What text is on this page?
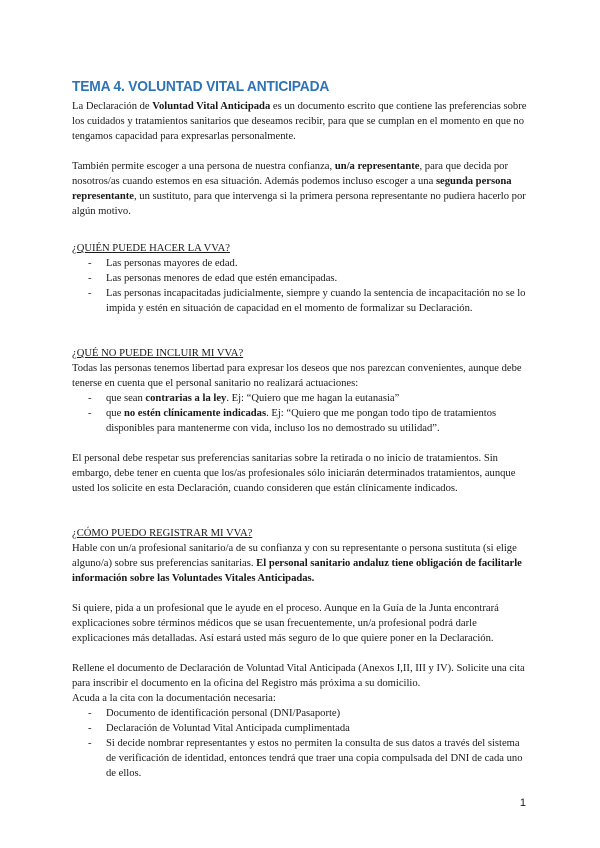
TEMA 4. VOLUNTAD VITAL ANTICIPADA

La Declaración de Voluntad Vital Anticipada es un documento escrito que contiene las preferencias sobre los cuidados y tratamientos sanitarios que deseamos recibir, para que se cumplan en el momento en que no tengamos capacidad para expresarlas personalmente.

También permite escoger a una persona de nuestra confianza, un/a representante, para que decida por nosotros/as cuando estemos en esa situación. Además podemos incluso escoger a una segunda persona representante, un sustituto, para que intervenga si la primera persona representante no pudiera hacerlo por algún motivo.

¿QUIÉN PUEDE HACER LA VVA?

- Las personas mayores de edad.
- Las personas menores de edad que estén emancipadas.
- Las personas incapacitadas judicialmente, siempre y cuando la sentencia de incapacitación no se lo impida y estén en situación de capacidad en el momento de formalizar su Declaración.

¿QUÉ NO PUEDE INCLUIR MI VVA?

Todas las personas tenemos libertad para expresar los deseos que nos parezcan convenientes, aunque debe tenerse en cuenta que el personal sanitario no realizará actuaciones:

- que sean contrarias a la ley. Ej: “Quiero que me hagan la eutanasia”
- que no estén clínicamente indicadas. Ej: “Quiero que me pongan todo tipo de tratamientos disponibles para mantenerme con vida, incluso los no demostrado su utilidad”.

El personal debe respetar sus preferencias sanitarias sobre la retirada o no inicio de tratamientos. Sin embargo, debe tener en cuenta que los/as profesionales sólo iniciarán determinados tratamientos, aunque usted los solicite en esta Declaración, cuando consideren que están clínicamente indicados.

¿CÓMO PUEDO REGISTRAR MI VVA?

Hable con un/a profesional sanitario/a de su confianza y con su representante o persona sustituta (si elige alguno/a) sobre sus preferencias sanitarias. El personal sanitario andaluz tiene obligación de facilitarle información sobre las Voluntades Vitales Anticipadas.

Si quiere, pida a un profesional que le ayude en el proceso. Aunque en la Guía de la Junta encontrará explicaciones sobre términos médicos que se usan frecuentemente, un/a profesional podrá darle explicaciones más detalladas. Así estará usted más seguro de lo que quiere poner en la Declaración.

Rellene el documento de Declaración de Voluntad Vital Anticipada (Anexos I,II, III y IV). Solicite una cita para inscribir el documento en la oficina del Registro más próxima a su domicilio.

Acuda a la cita con la documentación necesaria:

- Documento de identificación personal (DNI/Pasaporte)
- Declaración de Voluntad Vital Anticipada cumplimentada
- Si decide nombrar representantes y estos no permiten la consulta de sus datos a través del sistema de verificación de identidad, entonces tendrá que traer una copia compulsada del DNI de cada uno de ellos.
1
